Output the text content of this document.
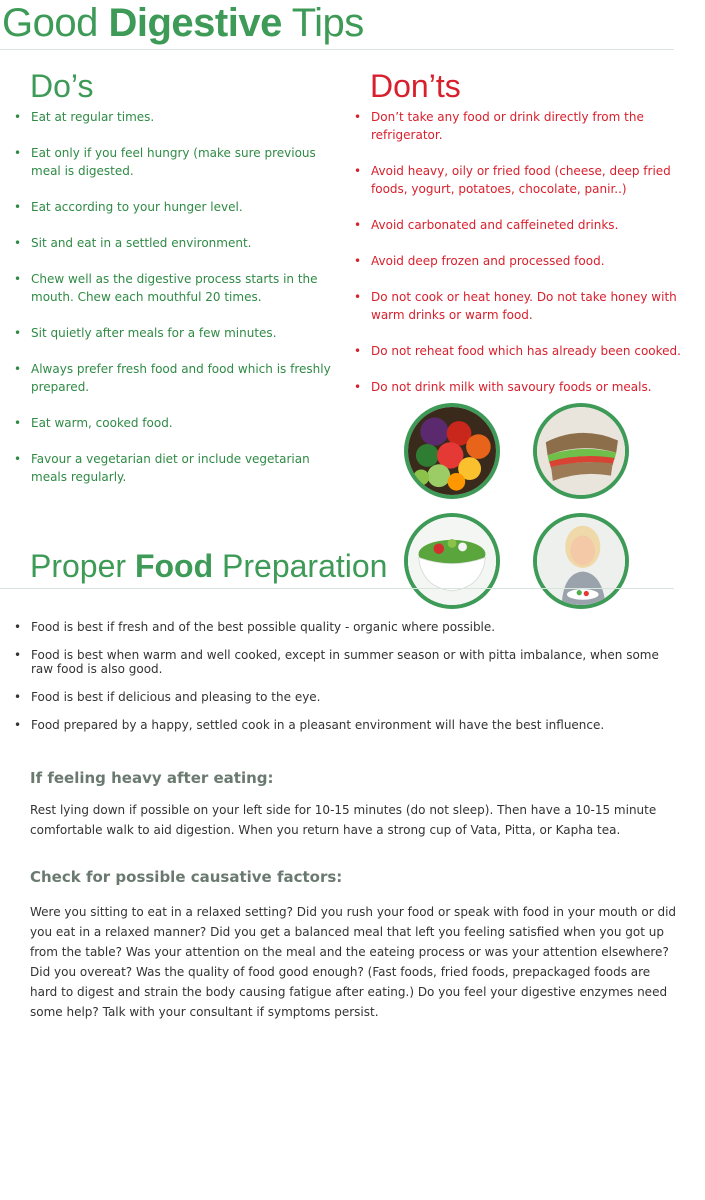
Good Digestive Tips
Do’s	Don’ts
• Eat at regular times.
• Eat only if you feel hungry (make sure previous meal is digested.
• Eat according to your hunger level.
• Sit and eat in a settled environment.
• Chew well as the digestive process starts in the mouth. Chew each mouthful 20 times.
• Sit quietly after meals for a few minutes.
• Always prefer fresh food and food which is freshly prepared.
• Eat warm, cooked food.
• Favour a vegetarian diet or include vegetarian meals regularly.
• Don’t take any food or drink directly from the refrigerator.
• Avoid heavy, oily or fried food (cheese, deep fried foods, yogurt, potatoes, chocolate, panir..)
• Avoid carbonated and caffeineted drinks.
• Avoid deep frozen and processed food.
• Do not cook or heat honey. Do not take honey with warm drinks or warm food.
• Do not reheat food which has already been cooked.
• Do not drink milk with savoury foods or meals.
Proper Food Preparation
• Food is best if fresh and of the best possible quality - organic where possible.
• Food is best when warm and well cooked, except in summer season or with pitta imbalance, when some raw food is also good.
• Food is best if delicious and pleasing to the eye.
• Food prepared by a happy, settled cook in a pleasant environment will have the best influence.
If feeling heavy after eating:

Rest lying down if possible on your left side for 10-15 minutes (do not sleep). Then have a 10-15 minute comfortable walk to aid digestion. When you return have a strong cup of Vata, Pitta, or Kapha tea.

Check for possible causative factors:

Were you sitting to eat in a relaxed setting? Did you rush your food or speak with food in your mouth or did you eat in a relaxed manner? Did you get a balanced meal that left you feeling satisfied when you got up from the table? Was your attention on the meal and the eateing process or was your attention elsewhere? Did you overeat? Was the quality of food good enough? (Fast foods, fried foods, prepackaged foods are hard to digest and strain the body causing fatigue after eating.) Do you feel your digestive enzymes need some help? Talk with your consultant if symptoms persist.
